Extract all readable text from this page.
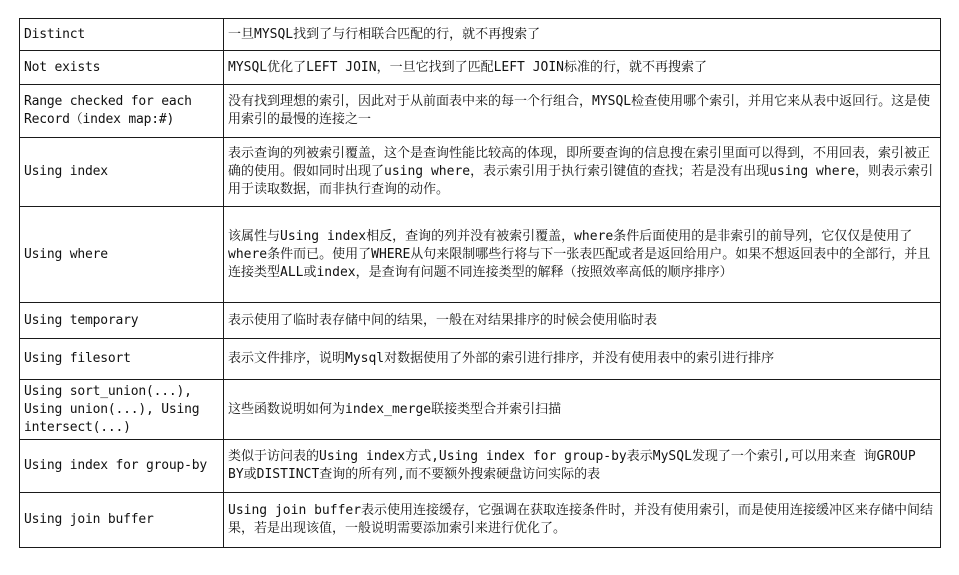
Distinct	一旦MYSQL找到了与行相联合匹配的行，就不再搜索了
Not exists	MYSQL优化了LEFT JOIN，一旦它找到了匹配LEFT JOIN标准的行，就不再搜索了
Range checked for each
Record（index map:#)	没有找到理想的索引，因此对于从前面表中来的每一个行组合，MYSQL检查使用哪个索引，并用它来从表中返回行。这是使用索引的最慢的连接之一
Using index	表示查询的列被索引覆盖，这个是查询性能比较高的体现，即所要查询的信息搜在索引里面可以得到，不用回表，索引被正确的使用。假如同时出现了using where，表示索引用于执行索引键值的查找；若是没有出现using where，则表示索引用于读取数据，而非执行查询的动作。
Using where	该属性与Using index相反，查询的列并没有被索引覆盖，where条件后面使用的是非索引的前导列，它仅仅是使用了where条件而已。使用了WHERE从句来限制哪些行将与下一张表匹配或者是返回给用户。如果不想返回表中的全部行，并且连接类型ALL或index，是查询有问题不同连接类型的解释（按照效率高低的顺序排序）
Using temporary	表示使用了临时表存储中间的结果，一般在对结果排序的时候会使用临时表
Using filesort	表示文件排序，说明Mysql对数据使用了外部的索引进行排序，并没有使用表中的索引进行排序
Using sort_union(...),
Using union(...), Using
intersect(...)	这些函数说明如何为index_merge联接类型合并索引扫描
Using index for group-by	类似于访问表的Using index方式,Using index for group-by表示MySQL发现了一个索引,可以用来查 询GROUP BY或DISTINCT查询的所有列,而不要额外搜索硬盘访问实际的表
Using join buffer	Using join buffer表示使用连接缓存，它强调在获取连接条件时，并没有使用索引，而是使用连接缓冲区来存储中间结果，若是出现该值，一般说明需要添加索引来进行优化了。
